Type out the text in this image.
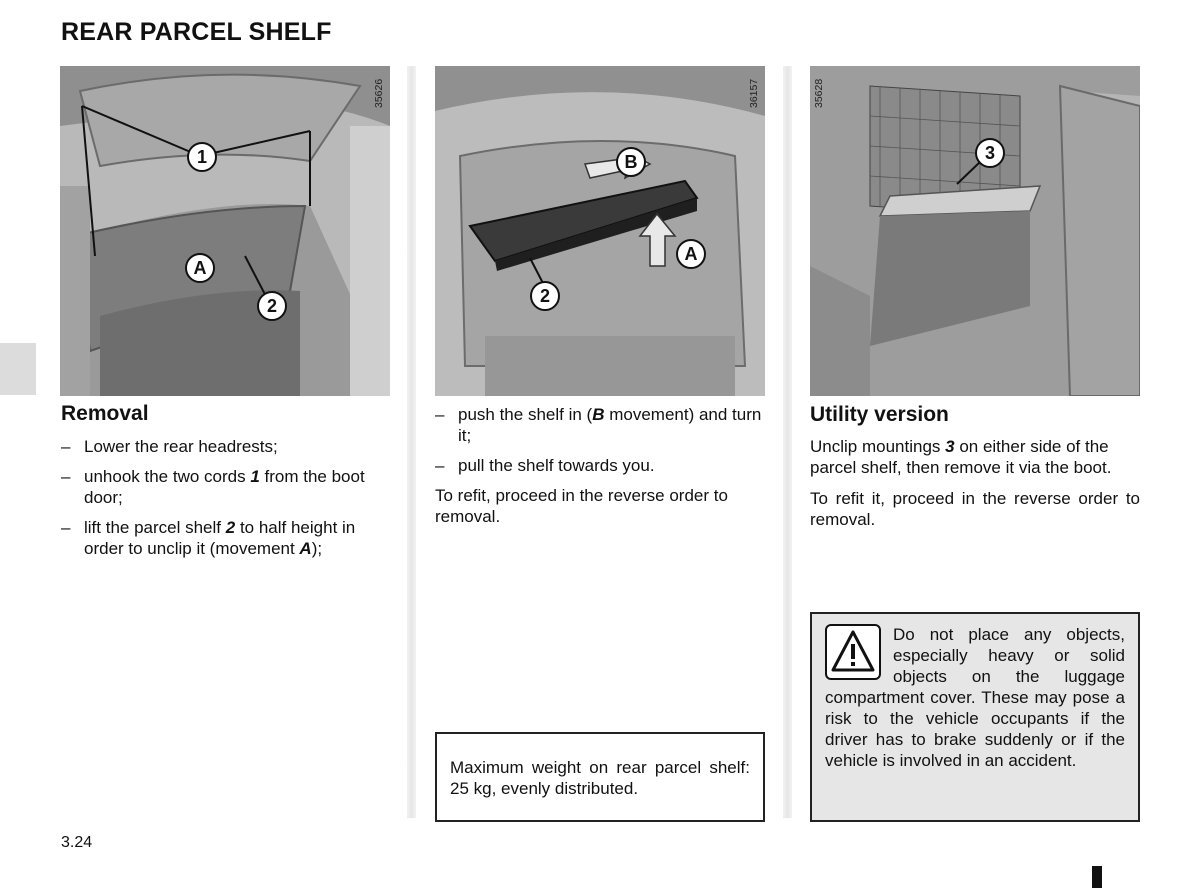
REAR PARCEL SHELF
1
A
2
35626
B
A
2
36157
3
35628
Removal
– Lower the rear headrests;
– unhook the two cords 1 from the boot door;
– lift the parcel shelf 2 to half height in order to unclip it (movement A);
– push the shelf in (B movement) and turn it;
– pull the shelf towards you.

To refit, proceed in the reverse order to removal.

Maximum weight on rear parcel shelf: 25 kg, evenly distributed.
Utility version

Unclip mountings 3 on either side of the parcel shelf, then remove it via the boot.

To refit it, proceed in the reverse order to removal.

Do not place any objects, especially heavy or solid objects on the luggage compartment cover. These may pose a risk to the vehicle occupants if the driver has to brake suddenly or if the vehicle is involved in an accident.
3.24
